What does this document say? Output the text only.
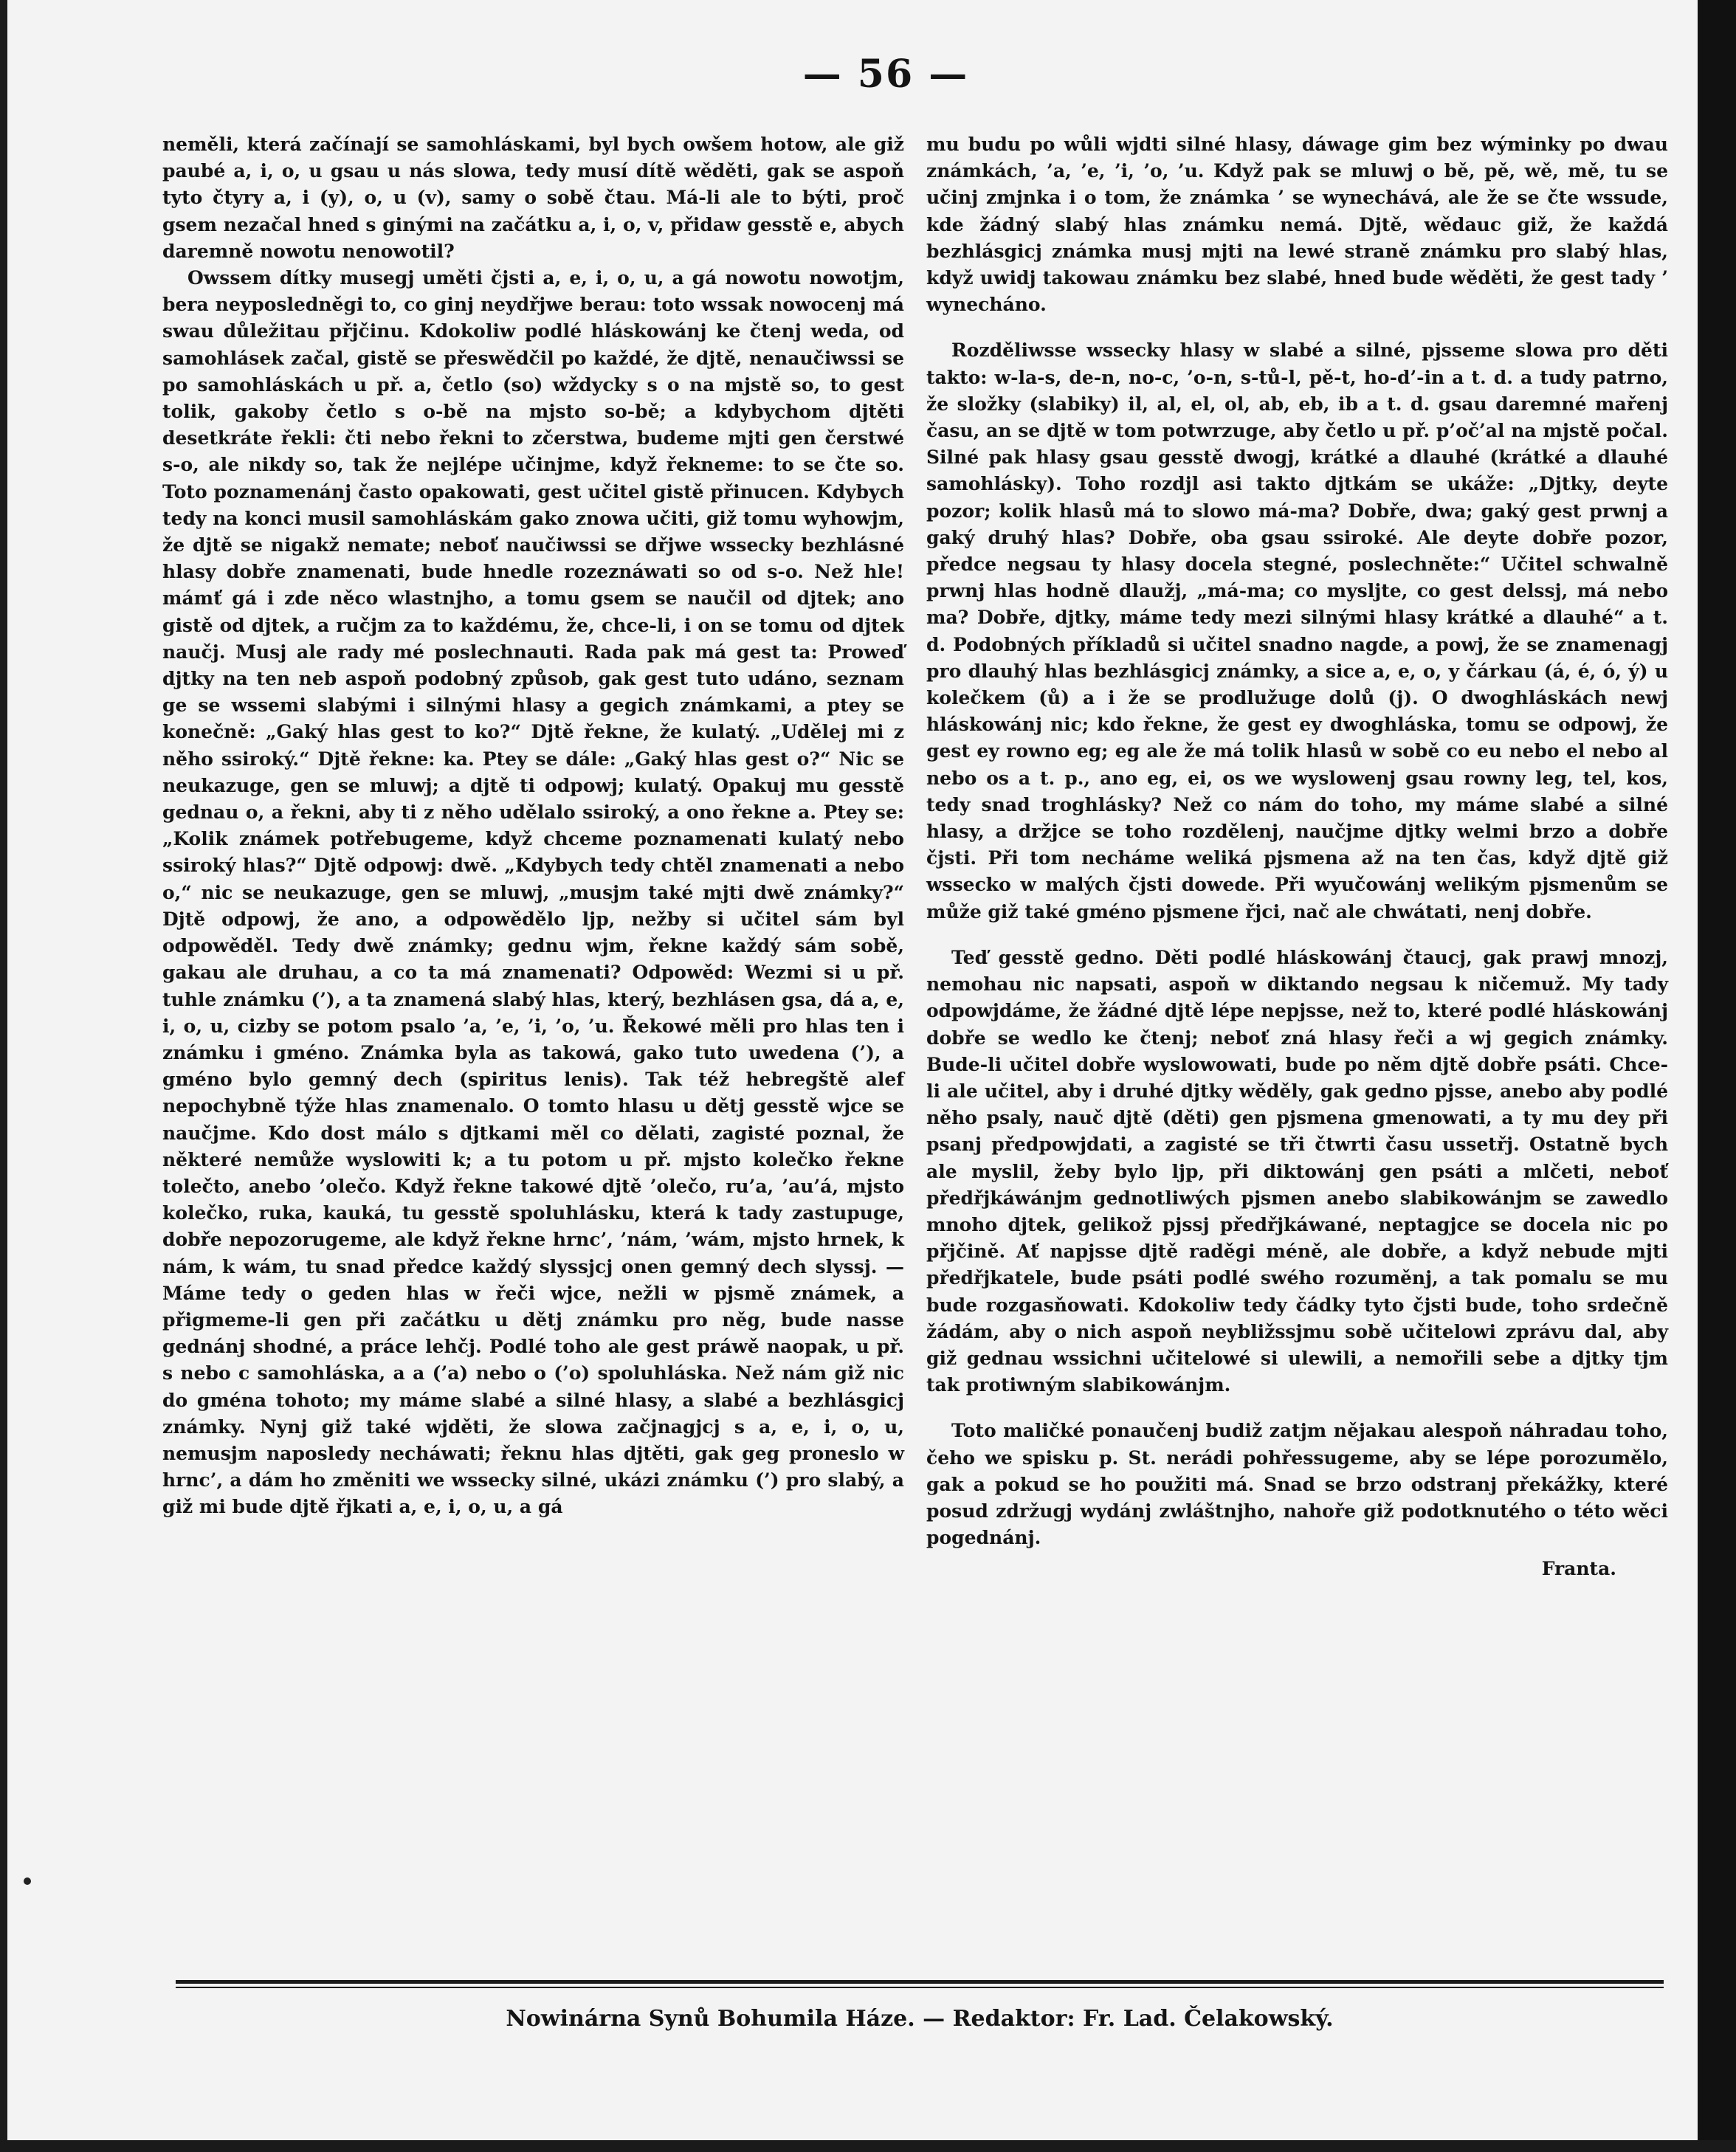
— 56 —

neměli, která začínají se samohláskami, byl bych owšem hotow, ale giž paubé a, i, o, u gsau u nás slowa, tedy musí dítě wěděti, gak se aspoň tyto čtyry a, i (y), o, u (v), samy o sobě čtau. Má-li ale to býti, proč gsem nezačal hned s ginými na začátku a, i, o, v, přidaw gesstě e, abych daremně nowotu nenowotil?

Owssem dítky musegj uměti čjsti a, e, i, o, u, a gá nowotu nowotjm, bera neyposledněgi to, co ginj neydřjwe berau: toto wssak nowocenj má swau důležitau přjčinu. Kdokoliw podlé hláskowánj ke čtenj weda, od samohlásek začal, gistě se přeswědčil po každé, že djtě, nenaučiwssi se po samohláskách u př. a, četlo (so) wždycky s o na mjstě so, to gest tolik, gakoby četlo s o-bě na mjsto so-bě; a kdybychom djtěti desetkráte řekli: čti nebo řekni to zčerstwa, budeme mjti gen čerstwé s-o, ale nikdy so, tak že nejlépe učinjme, když řekneme: to se čte so. Toto poznamenánj často opakowati, gest učitel gistě přinucen. Kdybych tedy na konci musil samohláskám gako znowa učiti, giž tomu wyhowjm, že djtě se nigakž nemate; neboť naučiwssi se dřjwe wssecky bezhlásné hlasy dobře znamenati, bude hnedle rozeznáwati so od s-o. Než hle! mámť gá i zde něco wlastnjho, a tomu gsem se naučil od djtek; ano gistě od djtek, a ručjm za to každému, že, chce-li, i on se tomu od djtek naučj. Musj ale rady mé poslechnauti. Rada pak má gest ta: Proweď djtky na ten neb aspoň podobný způsob, gak gest tuto udáno, seznam ge se wssemi slabými i silnými hlasy a gegich známkami, a ptey se konečně: „Gaký hlas gest to ko?“ Djtě řekne, že kulatý. „Udělej mi z něho ssiroký.“ Djtě řekne: ka. Ptey se dále: „Gaký hlas gest o?“ Nic se neukazuge, gen se mluwj; a djtě ti odpowj; kulatý. Opakuj mu gesstě gednau o, a řekni, aby ti z něho udělalo ssiroký, a ono řekne a. Ptey se: „Kolik známek potřebugeme, když chceme poznamenati kulatý nebo ssiroký hlas?“ Djtě odpowj: dwě. „Kdybych tedy chtěl znamenati a nebo o,“ nic se neukazuge, gen se mluwj, „musjm také mjti dwě známky?“ Djtě odpowj, že ano, a odpowědělo ljp, nežby si učitel sám byl odpowěděl. Tedy dwě známky; gednu wjm, řekne každý sám sobě, gakau ale druhau, a co ta má znamenati? Odpowěd: Wezmi si u př. tuhle známku (’), a ta znamená slabý hlas, který, bezhlásen gsa, dá a, e, i, o, u, cizby se potom psalo ’a, ’e, ’i, ’o, ’u. Řekowé měli pro hlas ten i známku i gméno. Známka byla as takowá, gako tuto uwedena (’), a gméno bylo gemný dech (spiritus lenis). Tak též hebregště alef nepochybně týže hlas znamenalo. O tomto hlasu u dětj gesstě wjce se naučjme. Kdo dost málo s djtkami měl co dělati, zagisté poznal, že některé nemůže wyslowiti k; a tu potom u př. mjsto kolečko řekne tolečto, anebo ’olečo. Když řekne takowé djtě ’olečo, ru’a, ’au’á, mjsto kolečko, ruka, kauká, tu gesstě spoluhlásku, která k tady zastupuge, dobře nepozorugeme, ale když řekne hrnc’, ’nám, ’wám, mjsto hrnek, k nám, k wám, tu snad předce každý slyssjcj onen gemný dech slyssj. — Máme tedy o geden hlas w řeči wjce, nežli w pjsmě známek, a přigmeme-li gen při začátku u dětj známku pro něg, bude nasse gednánj shodné, a práce lehčj. Podlé toho ale gest práwě naopak, u př. s nebo c samohláska, a a (’a) nebo o (’o) spoluhláska. Než nám giž nic do gména tohoto; my máme slabé a silné hlasy, a slabé a bezhlásgicj známky. Nynj giž také wjděti, že slowa začjnagjcj s a, e, i, o, u, nemusjm naposledy necháwati; řeknu hlas djtěti, gak geg proneslo w hrnc’, a dám ho změniti we wssecky silné, ukázi známku (’) pro slabý, a giž mi bude djtě řjkati a, e, i, o, u, a gá

mu budu po wůli wjdti silné hlasy, dáwage gim bez wýminky po dwau známkách, ’a, ’e, ’i, ’o, ’u. Když pak se mluwj o bě, pě, wě, mě, tu se učinj zmjnka i o tom, že známka ’ se wynechává, ale že se čte wssude, kde žádný slabý hlas známku nemá. Djtě, wědauc giž, že každá bezhlásgicj známka musj mjti na lewé straně známku pro slabý hlas, když uwidj takowau známku bez slabé, hned bude wěděti, že gest tady ’ wynecháno.

Rozděliwsse wssecky hlasy w slabé a silné, pjsseme slowa pro děti takto: w-la-s, de-n, no-c, ’o-n, s-tů-l, pě-t, ho-d’-in a t. d. a tudy patrno, že složky (slabiky) il, al, el, ol, ab, eb, ib a t. d. gsau daremné mařenj času, an se djtě w tom potwrzuge, aby četlo u př. p’oč’al na mjstě počal. Silné pak hlasy gsau gesstě dwogj, krátké a dlauhé (krátké a dlauhé samohlásky). Toho rozdjl asi takto djtkám se ukáže: „Djtky, deyte pozor; kolik hlasů má to slowo má-ma? Dobře, dwa; gaký gest prwnj a gaký druhý hlas? Dobře, oba gsau ssiroké. Ale deyte dobře pozor, předce negsau ty hlasy docela stegné, poslechněte:“ Učitel schwalně prwnj hlas hodně dlaužj, „má-ma; co mysljte, co gest delssj, má nebo ma? Dobře, djtky, máme tedy mezi silnými hlasy krátké a dlauhé“ a t. d. Podobných příkladů si učitel snadno nagde, a powj, že se znamenagj pro dlauhý hlas bezhlásgicj známky, a sice a, e, o, y čárkau (á, é, ó, ý) u kolečkem (ů) a i že se prodlužuge dolů (j). O dwoghláskách newj hláskowánj nic; kdo řekne, že gest ey dwoghláska, tomu se odpowj, že gest ey rowno eg; eg ale že má tolik hlasů w sobě co eu nebo el nebo al nebo os a t. p., ano eg, ei, os we wyslowenj gsau rowny leg, tel, kos, tedy snad troghlásky? Než co nám do toho, my máme slabé a silné hlasy, a držjce se toho rozdělenj, naučjme djtky welmi brzo a dobře čjsti. Při tom necháme weliká pjsmena až na ten čas, když djtě giž wssecko w malých čjsti dowede. Při wyučowánj welikým pjsmenům se může giž také gméno pjsmene řjci, nač ale chwátati, nenj dobře.

Teď gesstě gedno. Děti podlé hláskowánj čtaucj, gak prawj mnozj, nemohau nic napsati, aspoň w diktando negsau k ničemuž. My tady odpowjdáme, že žádné djtě lépe nepjsse, než to, které podlé hláskowánj dobře se wedlo ke čtenj; neboť zná hlasy řeči a wj gegich známky. Bude-li učitel dobře wyslowowati, bude po něm djtě dobře psáti. Chce-li ale učitel, aby i druhé djtky wěděly, gak gedno pjsse, anebo aby podlé něho psaly, nauč djtě (děti) gen pjsmena gmenowati, a ty mu dey při psanj předpowjdati, a zagisté se tři čtwrti času ussetřj. Ostatně bych ale myslil, žeby bylo ljp, při diktowánj gen psáti a mlčeti, neboť předřjkáwánjm gednotliwých pjsmen anebo slabikowánjm se zawedlo mnoho djtek, gelikož pjssj předřjkáwané, neptagjce se docela nic po přjčině. Ať napjsse djtě raděgi méně, ale dobře, a když nebude mjti předřjkatele, bude psáti podlé swého rozuměnj, a tak pomalu se mu bude rozgasňowati. Kdokoliw tedy čádky tyto čjsti bude, toho srdečně žádám, aby o nich aspoň neybližssjmu sobě učitelowi zprávu dal, aby giž gednau wssichni učitelowé si ulewili, a nemořili sebe a djtky tjm tak protiwným slabikowánjm.

Toto maličké ponaučenj budiž zatjm nějakau alespoň náhradau toho, čeho we spisku p. St. nerádi pohřessugeme, aby se lépe porozumělo, gak a pokud se ho použiti má. Snad se brzo odstranj překážky, které posud zdržugj wydánj zwláštnjho, nahoře giž podotknutého o této wěci pogednánj.

Franta.
Nowinárna Synů Bohumila Háze. — Redaktor: Fr. Lad. Čelakowský.
